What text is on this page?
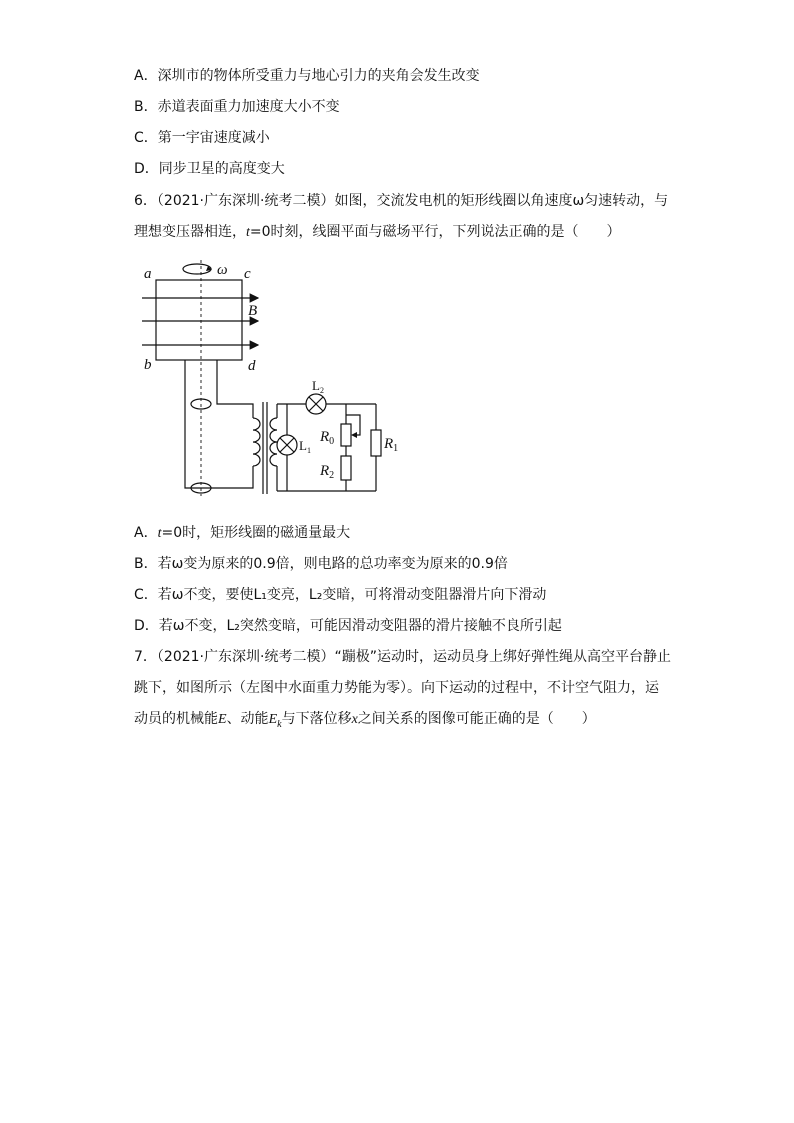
A．深圳市的物体所受重力与地心引力的夹角会发生改变
B．赤道表面重力加速度大小不变
C．第一宇宙速度减小
D．同步卫星的高度变大
6．（2021·广东深圳·统考二模）如图，交流发电机的矩形线圈以角速度ω匀速转动，与
理想变压器相连，t=0时刻，线圈平面与磁场平行，下列说法正确的是（　　）
a	c
b	d
ω
B
$R_0$
$R_2$
$R_1$
$L_2$
$L_1$
A．t=0时，矩形线圈的磁通量最大
B．若ω变为原来的0.9倍，则电路的总功率变为原来的0.9倍
C．若ω不变，要使L₁变亮，L₂变暗，可将滑动变阻器滑片向下滑动
D．若ω不变，L₂突然变暗，可能因滑动变阻器的滑片接触不良所引起
7．（2021·广东深圳·统考二模）“蹦极”运动时，运动员身上绑好弹性绳从高空平台静止
跳下，如图所示（左图中水面重力势能为零）。向下运动的过程中，不计空气阻力，运
动员的机械能E、动能$E_k$与下落位移x之间关系的图像可能正确的是（　　）
